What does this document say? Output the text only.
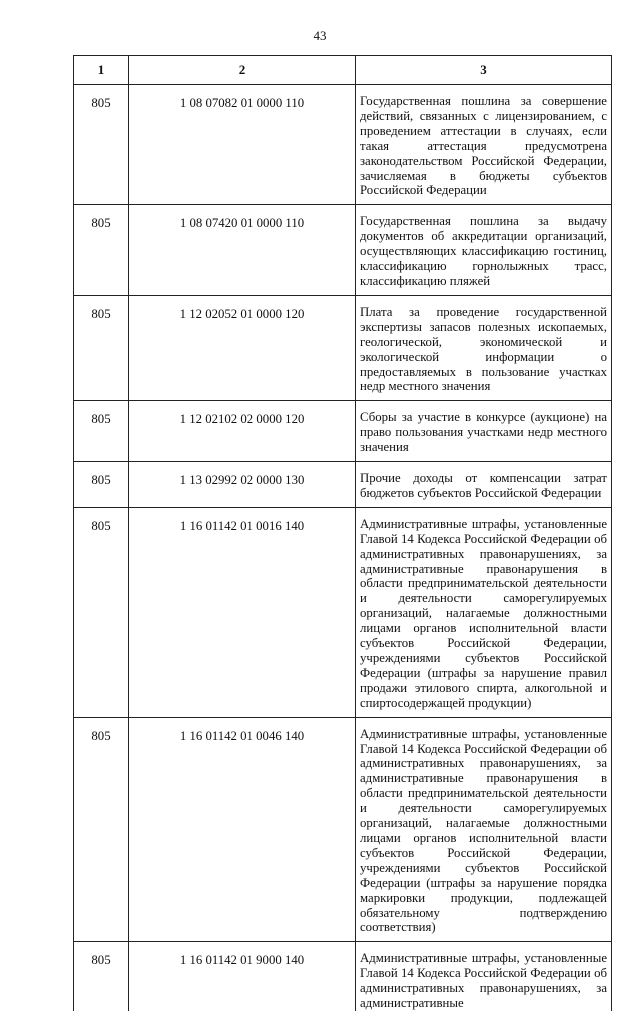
43
1	2	3
805	1 08 07082 01 0000 110	Государственная пошлина за совершение действий, связанных с лицензированием, с проведением аттестации в случаях, если такая аттестация предусмотрена законодательством Российской Федерации, зачисляемая в бюджеты субъектов Российской Федерации
805	1 08 07420 01 0000 110	Государственная пошлина за выдачу документов об аккредитации организаций, осуществляющих классификацию гостиниц, классификацию горнолыжных трасс, классификацию пляжей
805	1 12 02052 01 0000 120	Плата за проведение государственной экспертизы запасов полезных ископаемых, геологической, экономической и экологической информации о предоставляемых в пользование участках недр местного значения
805	1 12 02102 02 0000 120	Сборы за участие в конкурсе (аукционе) на право пользования участками недр местного значения
805	1 13 02992 02 0000 130	Прочие доходы от компенсации затрат бюджетов субъектов Российской Федерации
805	1 16 01142 01 0016 140	Административные штрафы, установленные Главой 14 Кодекса Российской Федерации об административных правонарушениях, за административные правонарушения в области предпринимательской деятельности и деятельности саморегулируемых организаций, налагаемые должностными лицами органов исполнительной власти субъектов Российской Федерации, учреждениями субъектов Российской Федерации (штрафы за нарушение правил продажи этилового спирта, алкогольной и спиртосодержащей продукции)
805	1 16 01142 01 0046 140	Административные штрафы, установленные Главой 14 Кодекса Российской Федерации об административных правонарушениях, за административные правонарушения в области предпринимательской деятельности и деятельности саморегулируемых организаций, налагаемые должностными лицами органов исполнительной власти субъектов Российской Федерации, учреждениями субъектов Российской Федерации (штрафы за нарушение порядка маркировки продукции, подлежащей обязательному подтверждению соответствия)
805	1 16 01142 01 9000 140	Административные штрафы, установленные Главой 14 Кодекса Российской Федерации об административных правонарушениях, за административные
